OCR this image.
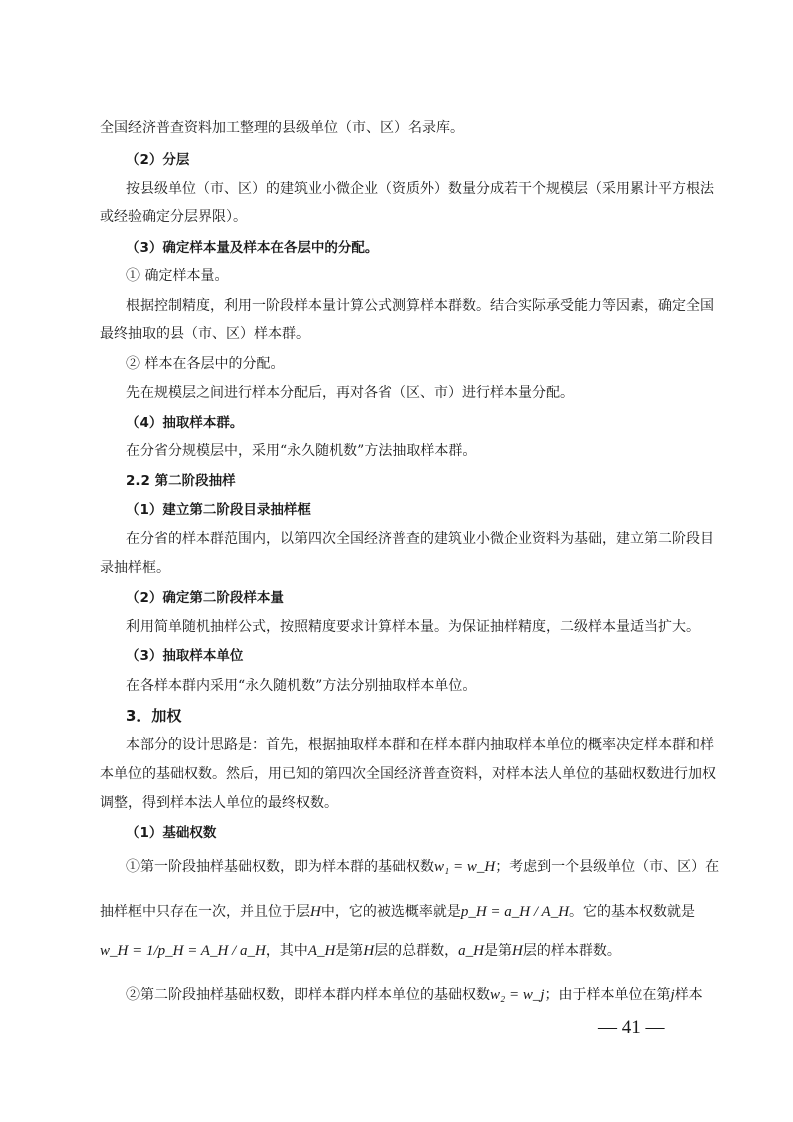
全国经济普查资料加工整理的县级单位（市、区）名录库。
（2）分层
按县级单位（市、区）的建筑业小微企业（资质外）数量分成若干个规模层（采用累计平方根法
或经验确定分层界限）。
（3）确定样本量及样本在各层中的分配。
① 确定样本量。
根据控制精度，利用一阶段样本量计算公式测算样本群数。结合实际承受能力等因素，确定全国
最终抽取的县（市、区）样本群。
② 样本在各层中的分配。
先在规模层之间进行样本分配后，再对各省（区、市）进行样本量分配。
（4）抽取样本群。
在分省分规模层中，采用“永久随机数”方法抽取样本群。
2.2 第二阶段抽样
（1）建立第二阶段目录抽样框
在分省的样本群范围内，以第四次全国经济普查的建筑业小微企业资料为基础，建立第二阶段目
录抽样框。
（2）确定第二阶段样本量
利用简单随机抽样公式，按照精度要求计算样本量。为保证抽样精度，二级样本量适当扩大。
（3）抽取样本单位
在各样本群内采用“永久随机数”方法分别抽取样本单位。
3．加权
本部分的设计思路是：首先，根据抽取样本群和在样本群内抽取样本单位的概率决定样本群和样
本单位的基础权数。然后，用已知的第四次全国经济普查资料，对样本法人单位的基础权数进行加权
调整，得到样本法人单位的最终权数。
（1）基础权数
①第一阶段抽样基础权数，即为样本群的基础权数w₁ = w_H；考虑到一个县级单位（市、区）在
抽样框中只存在一次，并且位于层H中，它的被选概率就是p_H = a_H / A_H。它的基本权数就是
w_H = 1/p_H = A_H / a_H，其中A_H是第H层的总群数，a_H是第H层的样本群数。
②第二阶段抽样基础权数，即样本群内样本单位的基础权数w₂ = w_j；由于样本单位在第j样本
— 41 —
